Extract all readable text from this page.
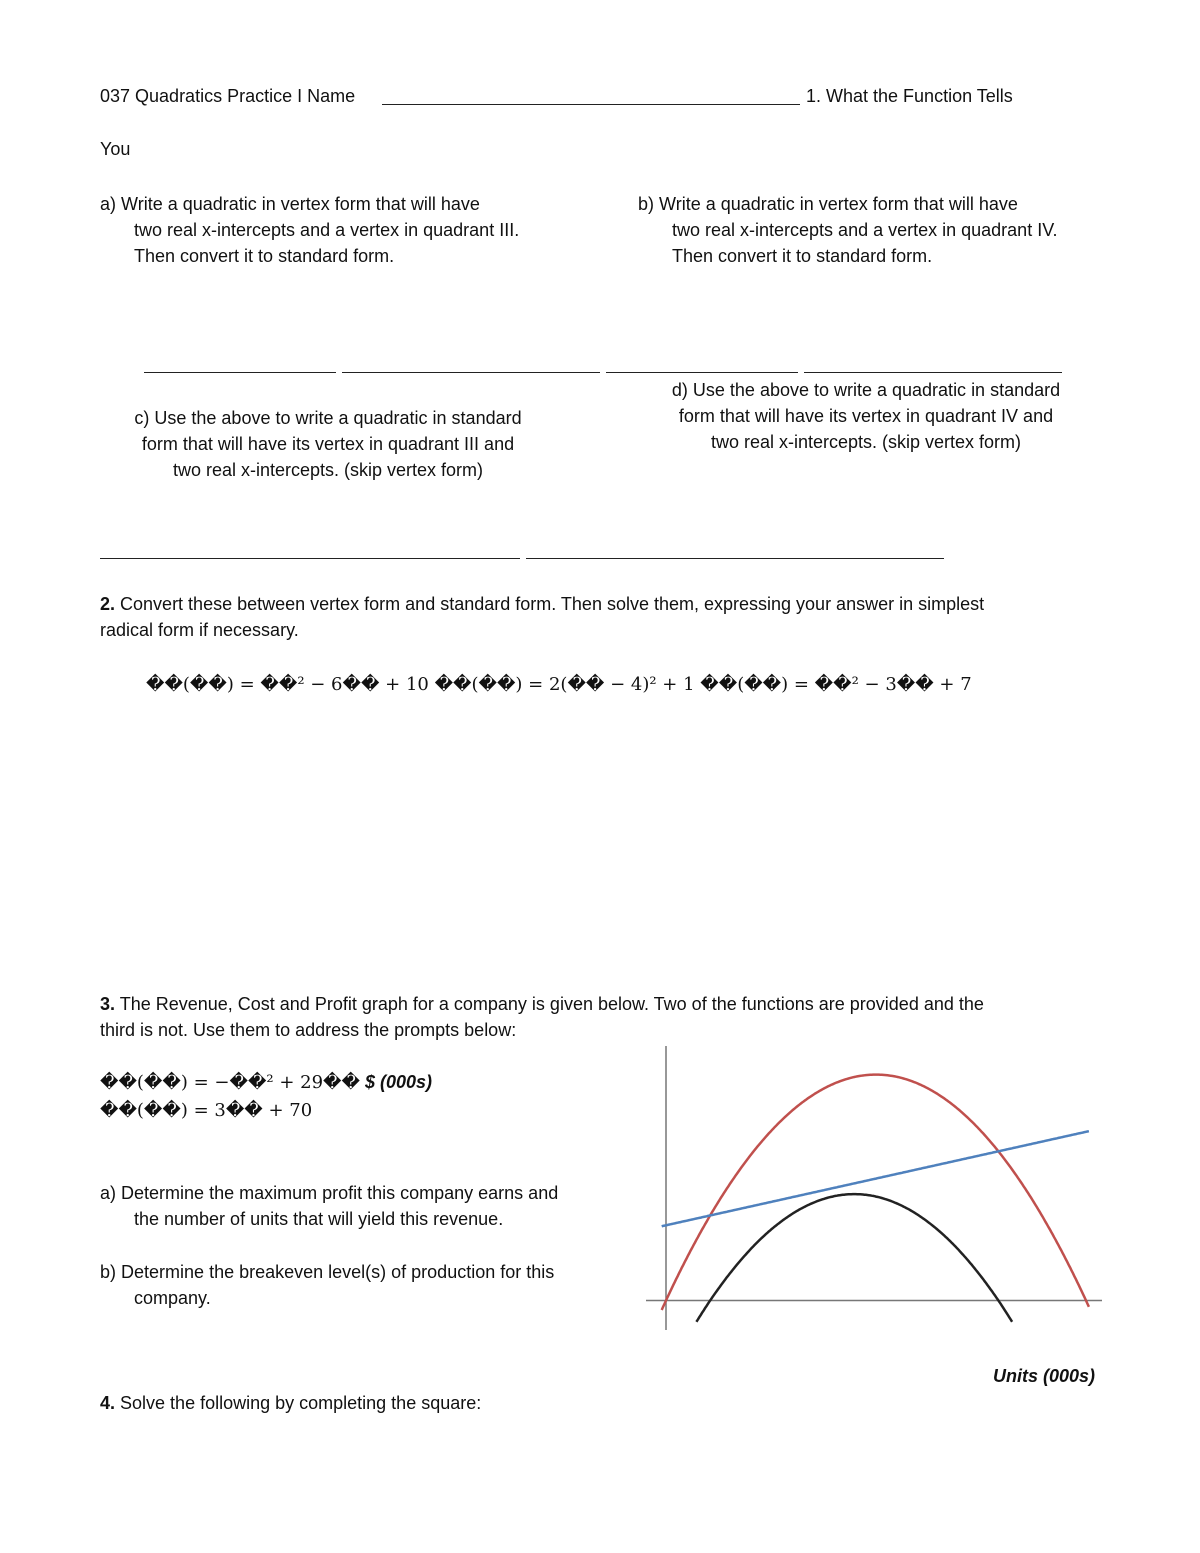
037 Quadratics Practice I Name	1. What the Function Tells
You
a) Write a quadratic in vertex form that will have
two real x-intercepts and a vertex in quadrant III.
Then convert it to standard form.
b) Write a quadratic in vertex form that will have
two real x-intercepts and a vertex in quadrant IV.
Then convert it to standard form.
c) Use the above to write a quadratic in standard
form that will have its vertex in quadrant III and
two real x-intercepts. (skip vertex form)
d) Use the above to write a quadratic in standard
form that will have its vertex in quadrant IV and
two real x-intercepts. (skip vertex form)
2. Convert these between vertex form and standard form. Then solve them, expressing your answer in simplest
radical form if necessary.
��(��) = ��² − 6�� + 10 ��(��) = 2(�� − 4)² + 1 ��(��) = ��² − 3�� + 7
3. The Revenue, Cost and Profit graph for a company is given below. Two of the functions are provided and the
third is not. Use them to address the prompts below:
��(��) = −��² + 29�� $ (000s)
��(��) = 3�� + 70
a) Determine the maximum profit this company earns and
the number of units that will yield this revenue.
b) Determine the breakeven level(s) of production for this
company.
Units (000s)
4. Solve the following by completing the square:
